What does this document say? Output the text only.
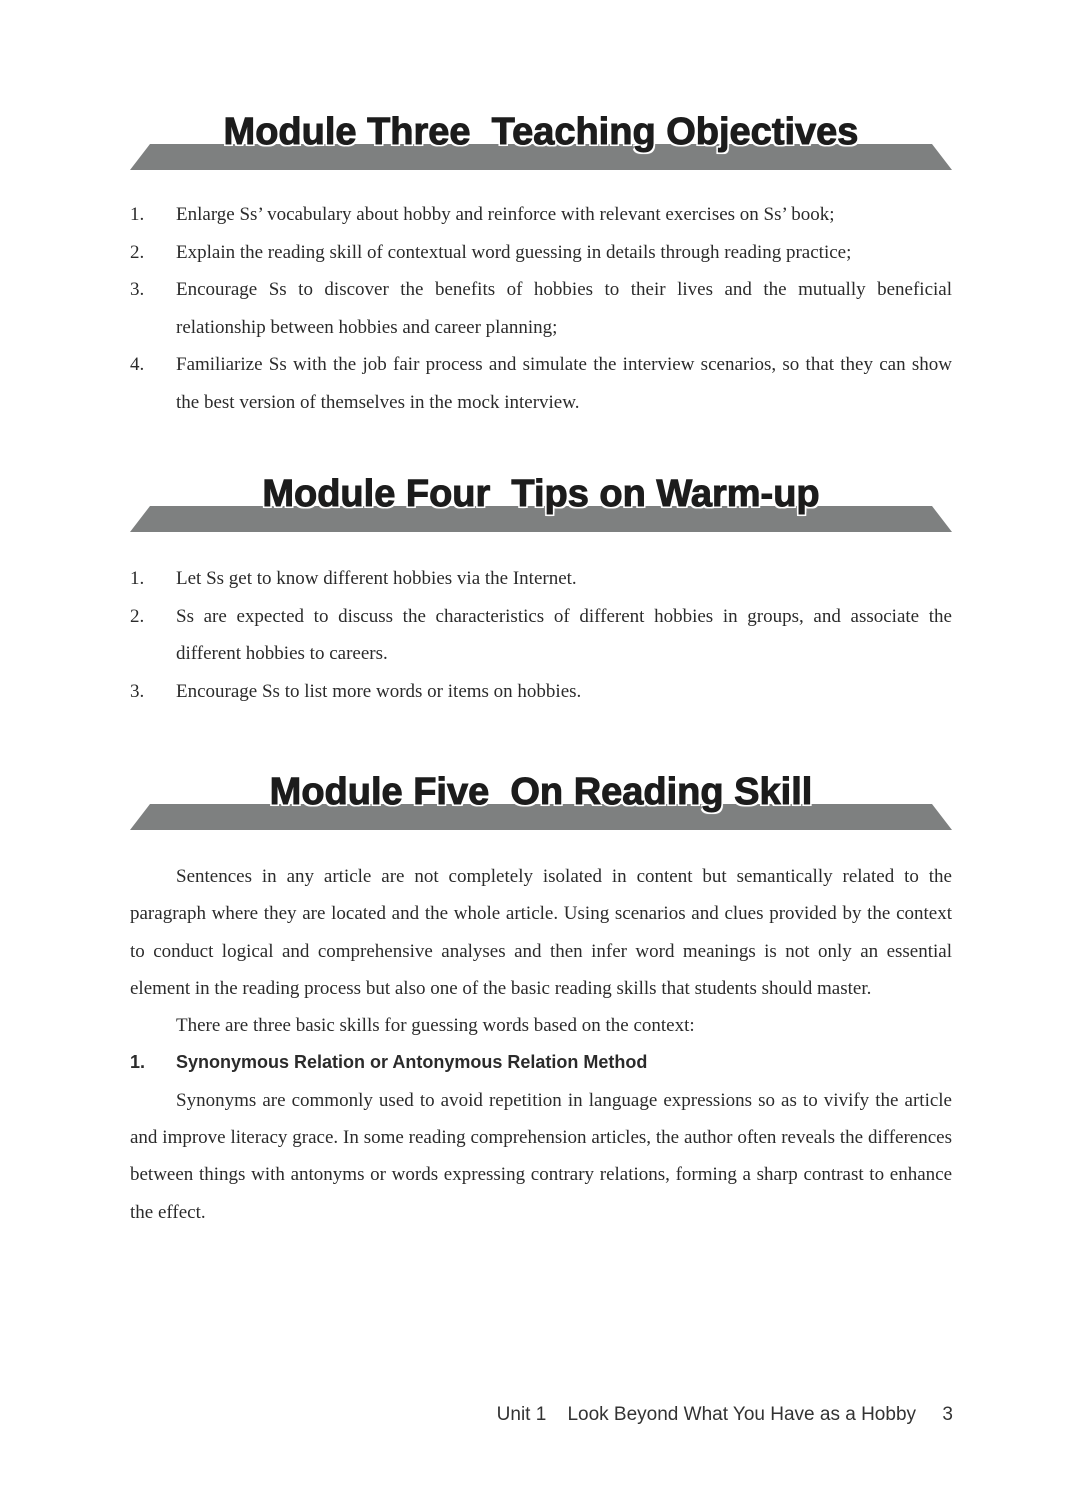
Module Three  Teaching Objectives
1. Enlarge Ss’ vocabulary about hobby and reinforce with relevant exercises on Ss’ book;
2. Explain the reading skill of contextual word guessing in details through reading practice;
3. Encourage Ss to discover the benefits of hobbies to their lives and the mutually beneficial relationship between hobbies and career planning;
4. Familiarize Ss with the job fair process and simulate the interview scenarios, so that they can show the best version of themselves in the mock interview.
Module Four  Tips on Warm-up
1. Let Ss get to know different hobbies via the Internet.
2. Ss are expected to discuss the characteristics of different hobbies in groups, and associate the different hobbies to careers.
3. Encourage Ss to list more words or items on hobbies.
Module Five  On Reading Skill

Sentences in any article are not completely isolated in content but semantically related to the paragraph where they are located and the whole article. Using scenarios and clues provided by the context to conduct logical and comprehensive analyses and then infer word meanings is not only an essential element in the reading process but also one of the basic reading skills that students should master.

There are three basic skills for guessing words based on the context:

1. Synonymous Relation or Antonymous Relation Method

Synonyms are commonly used to avoid repetition in language expressions so as to vivify the article and improve literacy grace. In some reading comprehension articles, the author often reveals the differences between things with antonyms or words expressing contrary relations, forming a sharp contrast to enhance the effect.

Unit 1 Look Beyond What You Have as a Hobby 3
